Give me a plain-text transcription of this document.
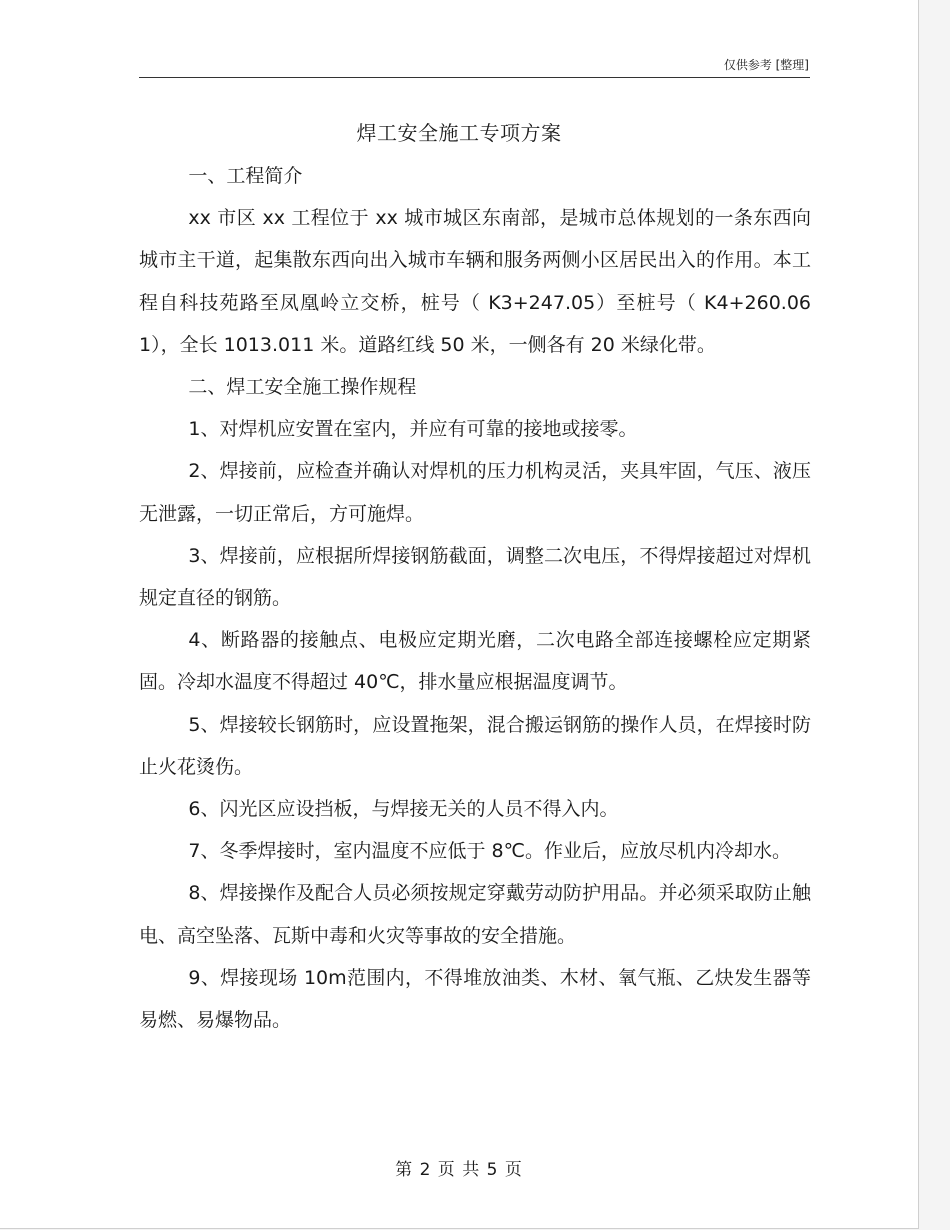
仅供参考 [整理]
焊工安全施工专项方案

一、工程简介

xx 市区 xx 工程位于 xx 城市城区东南部，是城市总体规划的一条东西向城市主干道，起集散东西向出入城市车辆和服务两侧小区居民出入的作用。本工程自科技苑路至凤凰岭立交桥，桩号（ K3+247.05）至桩号（ K4+260.061），全长 1013.011 米。道路红线 50 米，一侧各有 20 米绿化带。

二、焊工安全施工操作规程

1、对焊机应安置在室内，并应有可靠的接地或接零。

2、焊接前，应检查并确认对焊机的压力机构灵活，夹具牢固，气压、液压无泄露，一切正常后，方可施焊。

3、焊接前，应根据所焊接钢筋截面，调整二次电压，不得焊接超过对焊机规定直径的钢筋。

4、断路器的接触点、电极应定期光磨，二次电路全部连接螺栓应定期紧固。冷却水温度不得超过 40℃，排水量应根据温度调节。

5、焊接较长钢筋时，应设置拖架，混合搬运钢筋的操作人员，在焊接时防止火花烫伤。

6、闪光区应设挡板，与焊接无关的人员不得入内。

7、冬季焊接时，室内温度不应低于 8℃。作业后，应放尽机内冷却水。

8、焊接操作及配合人员必须按规定穿戴劳动防护用品。并必须采取防止触电、高空坠落、瓦斯中毒和火灾等事故的安全措施。

9、焊接现场 10m范围内，不得堆放油类、木材、氧气瓶、乙炔发生器等易燃、易爆物品。

第 2 页 共 5 页
